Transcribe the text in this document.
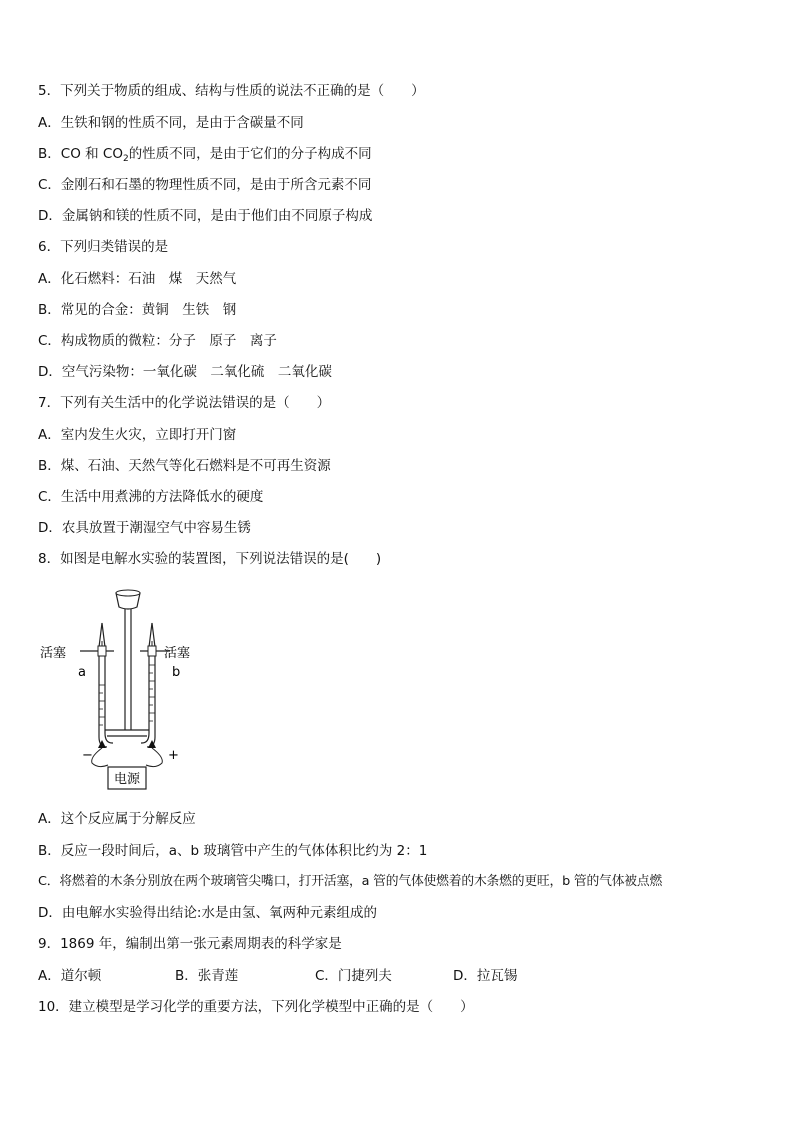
5．下列关于物质的组成、结构与性质的说法不正确的是（　　）
A．生铁和钢的性质不同，是由于含碳量不同
B．CO 和 $CO_2$的性质不同，是由于它们的分子构成不同
C．金刚石和石墨的物理性质不同，是由于所含元素不同
D．金属钠和镁的性质不同，是由于他们由不同原子构成
6．下列归类错误的是
A．化石燃料：石油　煤　天然气
B．常见的合金：黄铜　生铁　钢
C．构成物质的微粒：分子　原子　离子
D．空气污染物：一氧化碳　二氧化硫　二氧化碳
7．下列有关生活中的化学说法错误的是（　　）
A．室内发生火灾，立即打开门窗
B．煤、石油、天然气等化石燃料是不可再生资源
C．生活中用煮沸的方法降低水的硬度
D．农具放置于潮湿空气中容易生锈
8．如图是电解水实验的装置图，下列说法错误的是(　　)
活塞	活塞
a	b
−	+
电源
A．这个反应属于分解反应
B．反应一段时间后，a、b 玻璃管中产生的气体体积比约为 2：1
C．将燃着的木条分别放在两个玻璃管尖嘴口，打开活塞，a 管的气体使燃着的木条燃的更旺，b 管的气体被点燃
D．由电解水实验得出结论:水是由氢、氧两种元素组成的
9．1869 年，编制出第一张元素周期表的科学家是
A．道尔顿	B．张青莲	C．门捷列夫	D．拉瓦锡
10．建立模型是学习化学的重要方法，下列化学模型中正确的是（　　）
